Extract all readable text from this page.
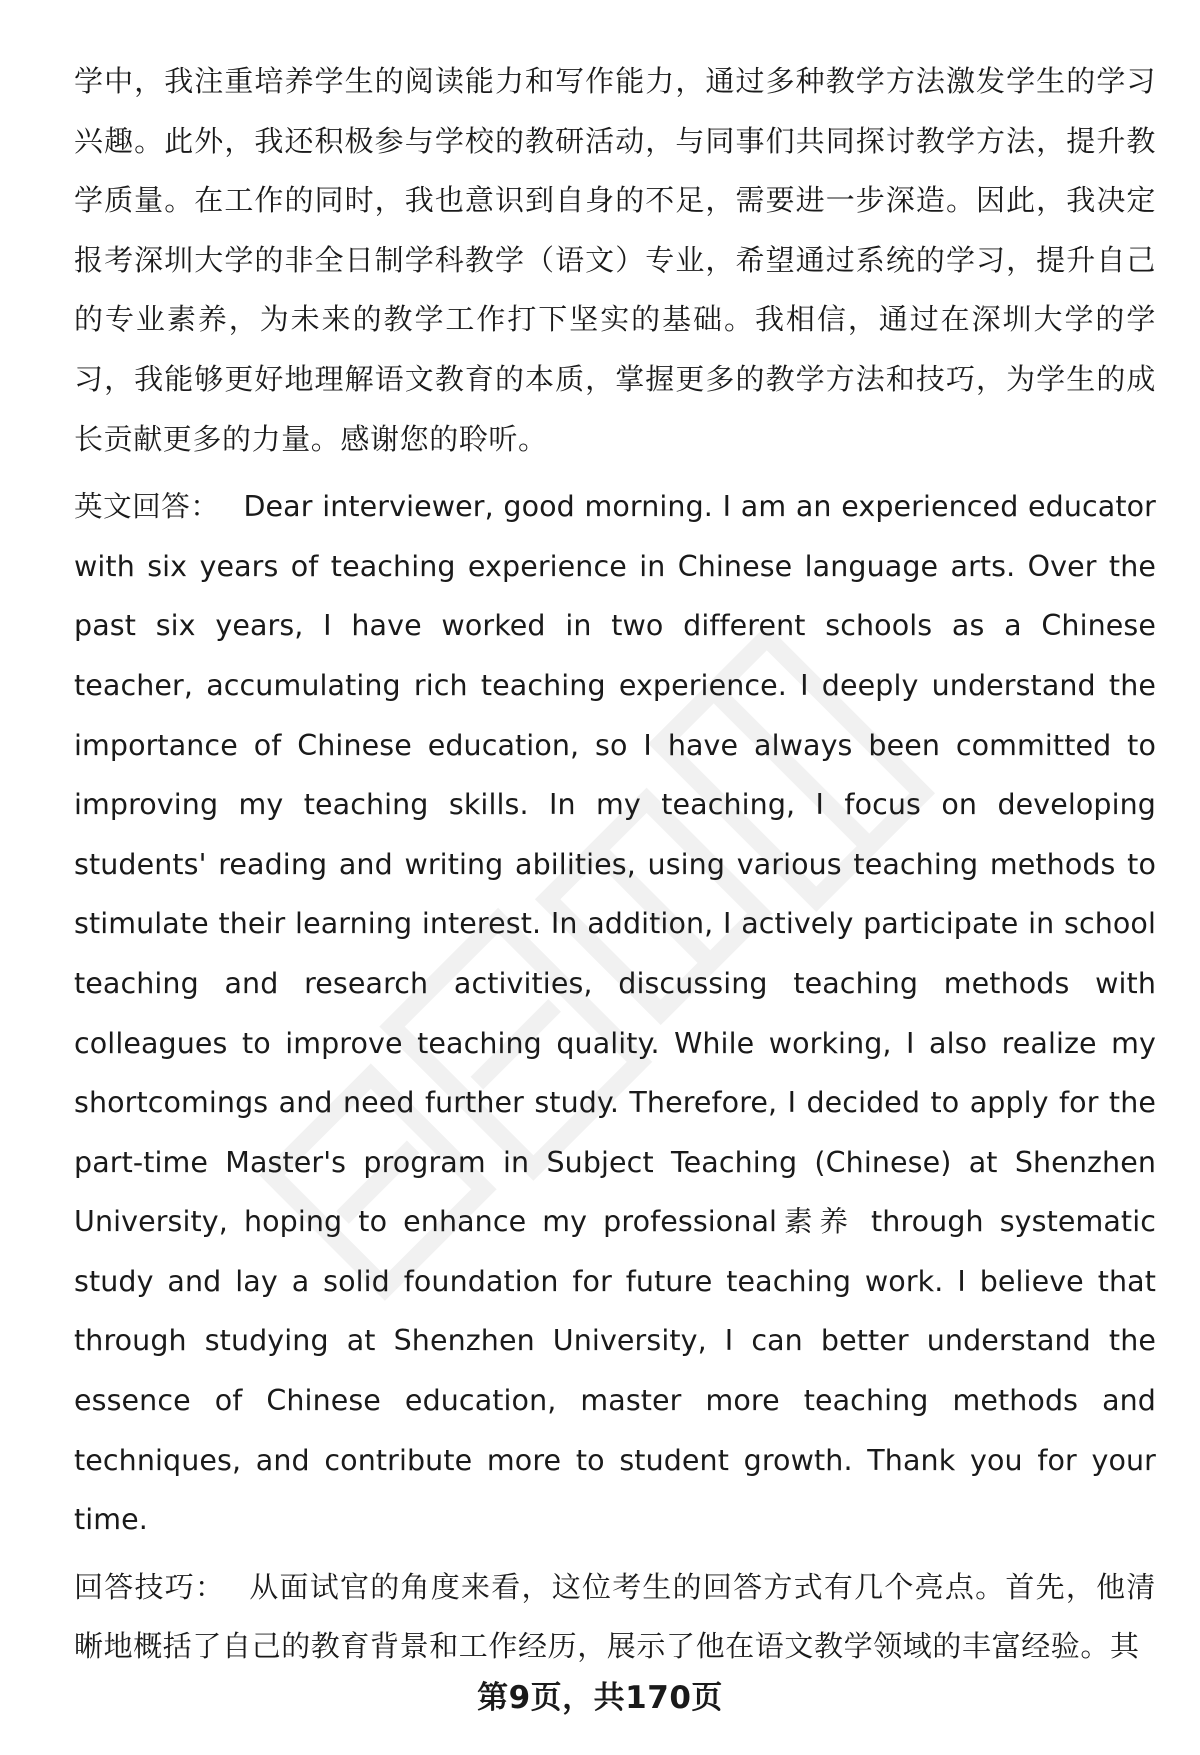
学中，我注重培养学生的阅读能力和写作能力，通过多种教学方法激发学生的学习兴趣。此外，我还积极参与学校的教研活动，与同事们共同探讨教学方法，提升教学质量。在工作的同时，我也意识到自身的不足，需要进一步深造。因此，我决定报考深圳大学的非全日制学科教学（语文）专业，希望通过系统的学习，提升自己的专业素养，为未来的教学工作打下坚实的基础。我相信，通过在深圳大学的学习，我能够更好地理解语文教育的本质，掌握更多的教学方法和技巧，为学生的成长贡献更多的力量。感谢您的聆听。

英文回答： Dear interviewer, good morning. I am an experienced educator with six years of teaching experience in Chinese language arts. Over the past six years, I have worked in two different schools as a Chinese teacher, accumulating rich teaching experience. I deeply understand the importance of Chinese education, so I have always been committed to improving my teaching skills. In my teaching, I focus on developing students' reading and writing abilities, using various teaching methods to stimulate their learning interest. In addition, I actively participate in school teaching and research activities, discussing teaching methods with colleagues to improve teaching quality. While working, I also realize my shortcomings and need further study. Therefore, I decided to apply for the part-time Master's program in Subject Teaching (Chinese) at Shenzhen University, hoping to enhance my professional素养 through systematic study and lay a solid foundation for future teaching work. I believe that through studying at Shenzhen University, I can better understand the essence of Chinese education, master more teaching methods and techniques, and contribute more to student growth. Thank you for your time.

回答技巧： 从面试官的角度来看，这位考生的回答方式有几个亮点。首先，他清晰地概括了自己的教育背景和工作经历，展示了他在语文教学领域的丰富经验。其

第9页，共170页
